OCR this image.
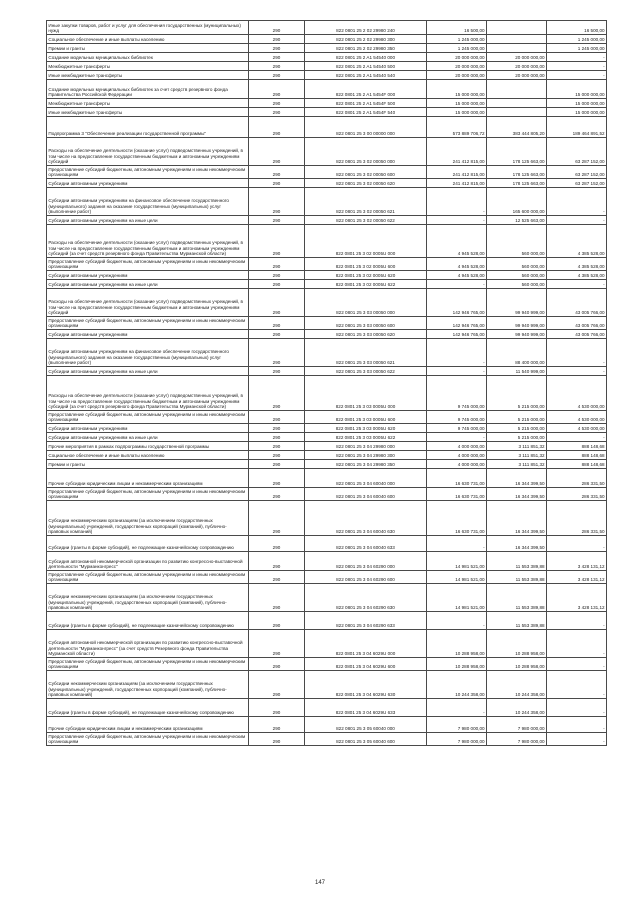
Иные закупки товаров, работ и услуг для обеспечения государственных (муниципальных) нужд	290	822 0801 25 2 02 29980 240	16 500,00		16 500,00
Социальное обеспечение и иные выплаты населению	290	822 0801 25 2 02 29980 300	1 245 000,00		1 245 000,00
Премии и гранты	290	822 0801 25 2 02 29980 350	1 245 000,00		1 245 000,00
Создание модельных муниципальных библиотек	290	822 0801 25 2 A1 54540 000	20 000 000,00	20 000 000,00	-
Межбюджетные трансферты	290	822 0801 25 2 A1 54540 500	20 000 000,00	20 000 000,00	-
Иные межбюджетные трансферты	290	822 0801 25 2 A1 54540 540	20 000 000,00	20 000 000,00	-
Создание модельных муниципальных библиотек за счет средств резервного фонда Правительства Российской Федерации	290	822 0801 25 2 A1 5454F 000	15 000 000,00		15 000 000,00
Межбюджетные трансферты	290	822 0801 25 2 A1 5454F 500	15 000 000,00		15 000 000,00
Иные межбюджетные трансферты	290	822 0801 25 2 A1 5454F 540	15 000 000,00		15 000 000,00
Подпрограмма 3 "Обеспечение реализации государственной программы"	290	822 0801 25 3 00 00000 000	573 889 706,72	383 444 805,20	189 464 891,52
Расходы на обеспечение деятельности (оказание услуг) подведомственных учреждений, в том числе на предоставление государственным бюджетным и автономным учреждениям субсидий	290	822 0801 25 3 02 00050 000	241 412 815,00	178 125 663,00	63 287 152,00
Предоставление субсидий бюджетным, автономным учреждениям и иным некоммерческим организациям	290	822 0801 25 3 02 00050 600	241 412 815,00	178 125 663,00	63 287 152,00
Субсидии автономным учреждениям	290	822 0801 25 3 02 00050 620	241 412 815,00	178 125 663,00	63 287 152,00
Субсидии автономным учреждениям на финансовое обеспечение государственного (муниципального) задания на оказание государственных (муниципальных) услуг (выполнение работ)	290	822 0801 25 3 02 00050 621	-	165 600 000,00	-
Субсидии автономным учреждениям на иные цели	290	822 0801 25 3 02 00050 622	-	12 525 663,00	-
Расходы на обеспечение деятельности (оказание услуг) подведомственных учреждений, в том числе на предоставление государственным бюджетным и автономным учреждениям субсидий (за счет средств резервного фонда Правительства Мурманской области)	290	822 0801 25 3 02 0005U 000	4 945 528,00	560 000,00	4 385 528,00
Предоставление субсидий бюджетным, автономным учреждениям и иным некоммерческим организациям	290	822 0801 25 3 02 0005U 600	4 945 528,00	560 000,00	4 385 528,00
Субсидии автономным учреждениям	290	822 0801 25 3 02 0005U 620	4 945 528,00	560 000,00	4 385 528,00
Субсидии автономным учреждениям на иные цели	290	822 0801 25 3 02 0005U 622	-	560 000,00	-
Расходы на обеспечение деятельности (оказание услуг) подведомственных учреждений, в том числе на предоставление государственным бюджетным и автономным учреждениям субсидий	290	822 0801 25 3 03 00050 000	142 946 765,00	99 940 999,00	43 005 766,00
Предоставление субсидий бюджетным, автономным учреждениям и иным некоммерческим организациям	290	822 0801 25 3 03 00050 600	142 946 765,00	99 940 999,00	43 005 766,00
Субсидии автономным учреждениям	290	822 0801 25 3 03 00050 620	142 946 765,00	99 940 999,00	43 005 766,00
Субсидии автономным учреждениям на финансовое обеспечение государственного (муниципального) задания на оказание государственных (муниципальных) услуг (выполнение работ)	290	822 0801 25 3 03 00050 621	-	88 400 000,00	-
Субсидии автономным учреждениям на иные цели	290	822 0801 25 3 03 00050 622	-	11 540 999,00	-
Расходы на обеспечение деятельности (оказание услуг) подведомственных учреждений, в том числе на предоставление государственным бюджетным и автономным учреждениям субсидий (за счет средств резервного фонда Правительства Мурманской области)	290	822 0801 25 3 03 0005U 000	9 745 000,00	5 215 000,00	4 530 000,00
Предоставление субсидий бюджетным, автономным учреждениям и иным некоммерческим организациям	290	822 0801 25 3 03 0005U 600	9 745 000,00	5 215 000,00	4 530 000,00
Субсидии автономным учреждениям	290	822 0801 25 3 03 0005U 620	9 745 000,00	5 215 000,00	4 530 000,00
Субсидии автономным учреждениям на иные цели	290	822 0801 25 3 03 0005U 622	-	5 215 000,00	-
Прочие мероприятия в рамках подпрограммы государственной программы	290	822 0801 25 3 04 29980 000	4 000 000,00	3 111 851,32	888 148,68
Социальное обеспечение и иные выплаты населению	290	822 0801 25 3 04 29980 300	4 000 000,00	3 111 851,32	888 148,68
Премии и гранты	290	822 0801 25 3 04 29980 350	4 000 000,00	3 111 851,32	888 148,68
Прочие субсидии юридическим лицам и некоммерческим организациям	290	822 0801 25 3 04 60040 000	16 630 731,00	16 344 399,50	286 331,50
Предоставление субсидий бюджетным, автономным учреждениям и иным некоммерческим организациям	290	822 0801 25 3 04 60040 600	16 630 731,00	16 344 399,50	286 331,50
Субсидии некоммерческим организациям (за исключением государственных (муниципальных) учреждений, государственных корпораций (компаний), публично-правовых компаний)	290	822 0801 25 3 04 60040 630	16 630 731,00	16 344 399,50	286 331,50
Субсидии (гранты в форме субсидий), не подлежащие казначейскому сопровождению	290	822 0801 25 3 04 60040 633	-	16 344 399,50	-
Субсидия автономной некоммерческой организации по развитию конгрессно-выставочной деятельности "Мурманконгресс"	290	822 0801 25 3 04 60290 000	14 981 521,00	11 553 389,88	3 428 131,12
Предоставление субсидий бюджетным, автономным учреждениям и иным некоммерческим организациям	290	822 0801 25 3 04 60290 600	14 981 521,00	11 553 389,88	3 428 131,12
Субсидии некоммерческим организациям (за исключением государственных (муниципальных) учреждений, государственных корпораций (компаний), публично-правовых компаний)	290	822 0801 25 3 04 60290 630	14 981 521,00	11 553 389,88	3 428 131,12
Субсидии (гранты в форме субсидий), не подлежащие казначейскому сопровождению	290	822 0801 25 3 04 60290 633	-	11 553 389,88	-
Субсидия автономной некоммерческой организации по развитию конгрессно-выставочной деятельности "Мурманконгресс" (за счет средств Резервного фонда Правительства Мурманской области)	290	822 0801 25 3 04 6029U 000	10 288 958,00	10 288 958,00	-
Предоставление субсидий бюджетным, автономным учреждениям и иным некоммерческим организациям	290	822 0801 25 3 04 6029U 600	10 288 958,00	10 288 958,00	-
Субсидии некоммерческим организациям (за исключением государственных (муниципальных) учреждений, государственных корпораций (компаний), публично-правовых компаний)	290	822 0801 25 3 04 6029U 630	10 244 358,00	10 244 358,00	-
Субсидии (гранты в форме субсидий), не подлежащие казначейскому сопровождению	290	822 0801 25 3 04 6029U 633	-	10 244 358,00	-
Прочие субсидии юридическим лицам и некоммерческим организациям	290	822 0801 25 3 05 60040 000	7 980 000,00	7 980 000,00	-
Предоставление субсидий бюджетным, автономным учреждениям и иным некоммерческим организациям	290	822 0801 25 3 05 60040 600	7 980 000,00	7 980 000,00	-
147
